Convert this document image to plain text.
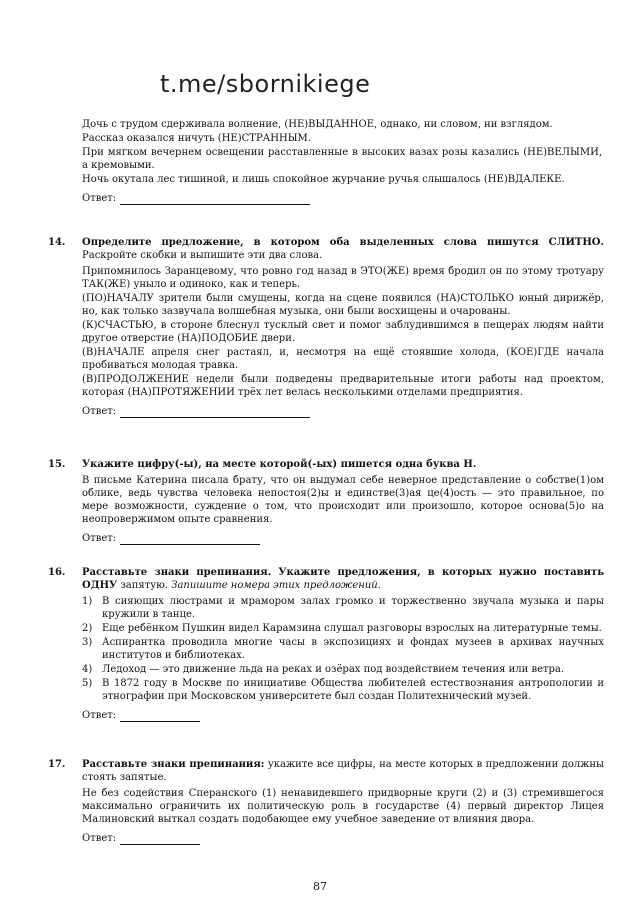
t.me/sbornikiege

Дочь с трудом сдерживала волнение, (НЕ)ВЫДАННОЕ, однако, ни словом, ни взглядом.

Рассказ оказался ничуть (НЕ)СТРАННЫМ.

При мягком вечернем освещении расставленные в высоких вазах розы казались (НЕ)ВЕЛЫМИ, а кремовыми.

Ночь окутала лес тишиной, и лишь спокойное журчание ручья слышалось (НЕ)ВДАЛЕКЕ.

Ответ:
14. Определите предложение, в котором оба выделенных слова пишутся СЛИТНО. Раскройте скобки и выпишите эти два слова.

Припомнилось Заранцевому, что ровно год назад в ЭТО(ЖЕ) время бродил он по этому тротуару ТАК(ЖЕ) уныло и одиноко, как и теперь.

(ПО)НАЧАЛУ зрители были смущены, когда на сцене появился (НА)СТОЛЬКО юный дирижёр, но, как только зазвучала волшебная музыка, они были восхищены и очарованы.

(К)СЧАСТЬЮ, в стороне блеснул тусклый свет и помог заблудившимся в пещерах людям найти другое отверстие (НА)ПОДОБИЕ двери.

(В)НАЧАЛЕ апреля снег растаял, и, несмотря на ещё стоявшие холода, (КОЕ)ГДЕ начала пробиваться молодая травка.

(В)ПРОДОЛЖЕНИЕ недели были подведены предварительные итоги работы над проектом, которая (НА)ПРОТЯЖЕНИИ трёх лет велась несколькими отделами предприятия.

Ответ:
15. Укажите цифру(-ы), на месте которой(-ых) пишется одна буква Н.

В письме Катерина писала брату, что он выдумал себе неверное представление о собстве(1)ом облике, ведь чувства человека непостоя(2)ы и единстве(3)ая це(4)ость — это правильное, по мере возможности, суждение о том, что происходит или произошло, которое основа(5)о на неопровержимом опыте сравнения.

Ответ:
16. Расставьте знаки препинания. Укажите предложения, в которых нужно поставить ОДНУ запятую. Запишите номера этих предложений.

1) В сияющих люстрами и мрамором залах громко и торжественно звучала музыка и пары кружили в танце.
2) Еще ребёнком Пушкин видел Карамзина слушал разговоры взрослых на литературные темы.
3) Аспирантка проводила многие часы в экспозициях и фондах музеев в архивах научных институтов и библиотеках.
4) Ледоход — это движение льда на реках и озёрах под воздействием течения или ветра.
5) В 1872 году в Москве по инициативе Общества любителей естествознания антропологии и этнографии при Московском университете был создан Политехнический музей.
Ответ:
17. Расставьте знаки препинания: укажите все цифры, на месте которых в предложении должны стоять запятые.

Не без содействия Сперанского (1) ненавидевшего придворные круги (2) и (3) стремившегося максимально ограничить их политическую роль в государстве (4) первый директор Лицея Малиновский выткал создать подобающее ему учебное заведение от влияния двора.

Ответ:
87
